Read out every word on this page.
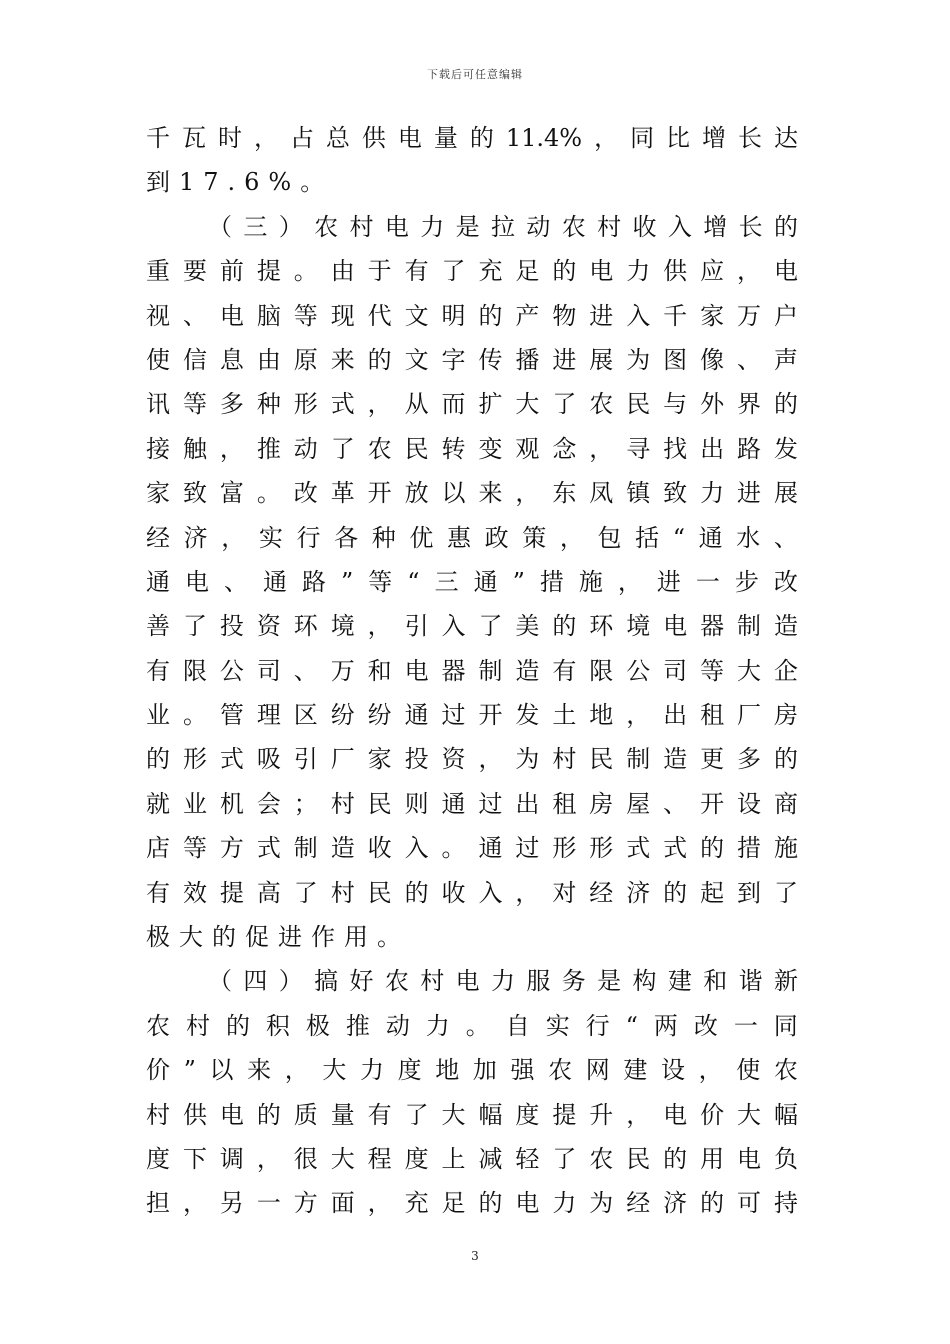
下载后可任意编辑
千 瓦 时 ， 占 总 供 电 量 的 11.4% ， 同 比 增 长 达
到17.6%。
（ 三 ） 农 村 电 力 是 拉 动 农 村 收 入 增 长 的
重 要 前 提 。 由 于 有 了 充 足 的 电 力 供 应 ， 电
视 、 电 脑 等 现 代 文 明 的 产 物 进 入 千 家 万 户
使 信 息 由 原 来 的 文 字 传 播 进 展 为 图 像 、 声
讯 等 多 种 形 式 ， 从 而 扩 大 了 农 民 与 外 界 的
接 触 ， 推 动 了 农 民 转 变 观 念 ， 寻 找 出 路 发
家 致 富 。 改 革 开 放 以 来 ， 东 凤 镇 致 力 进 展
经 济 ， 实 行 各 种 优 惠 政 策 ， 包 括 “ 通 水 、
通 电 、 通 路 ” 等 “ 三 通 ” 措 施 ， 进 一 步 改
善 了 投 资 环 境 ， 引 入 了 美 的 环 境 电 器 制 造
有 限 公 司 、 万 和 电 器 制 造 有 限 公 司 等 大 企
业 。 管 理 区 纷 纷 通 过 开 发 土 地 ， 出 租 厂 房
的 形 式 吸 引 厂 家 投 资 ， 为 村 民 制 造 更 多 的
就 业 机 会 ； 村 民 则 通 过 出 租 房 屋 、 开 设 商
店 等 方 式 制 造 收 入 。 通 过 形 形 式 式 的 措 施
有 效 提 高 了 村 民 的 收 入 ， 对 经 济 的 起 到 了
极大的促进作用。
（ 四 ） 搞 好 农 村 电 力 服 务 是 构 建 和 谐 新
农 村 的 积 极 推 动 力 。 自 实 行 “ 两 改 一 同
价 ” 以 来 ， 大 力 度 地 加 强 农 网 建 设 ， 使 农
村 供 电 的 质 量 有 了 大 幅 度 提 升 ， 电 价 大 幅
度 下 调 ， 很 大 程 度 上 减 轻 了 农 民 的 用 电 负
担 ， 另 一 方 面 ， 充 足 的 电 力 为 经 济 的 可 持
3
